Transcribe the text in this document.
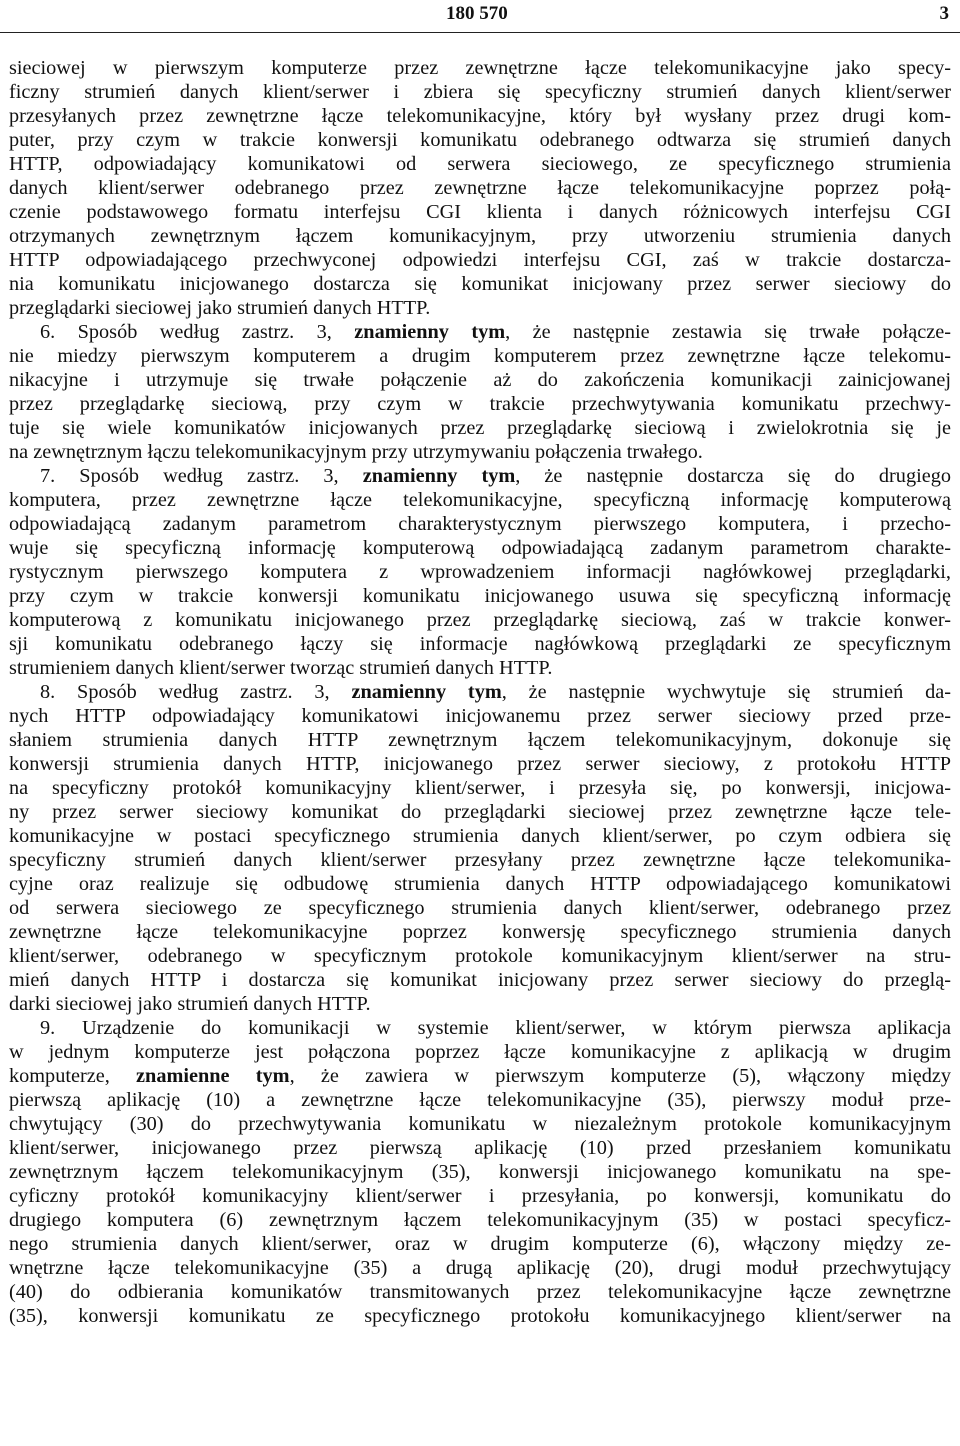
180 570	3
sieciowej w pierwszym komputerze przez zewnętrzne łącze telekomunikacyjne jako specy-
ficzny strumień danych klient/serwer i zbiera się specyficzny strumień danych klient/serwer
przesyłanych przez zewnętrzne łącze telekomunikacyjne, który był wysłany przez drugi kom-
puter, przy czym w trakcie konwersji komunikatu odebranego odtwarza się strumień danych
HTTP, odpowiadający komunikatowi od serwera sieciowego, ze specyficznego strumienia
danych klient/serwer odebranego przez zewnętrzne łącze telekomunikacyjne poprzez połą-
czenie podstawowego formatu interfejsu CGI klienta i danych różnicowych interfejsu CGI
otrzymanych zewnętrznym łączem komunikacyjnym, przy utworzeniu strumienia danych
HTTP odpowiadającego przechwyconej odpowiedzi interfejsu CGI, zaś w trakcie dostarcza-
nia komunikatu inicjowanego dostarcza się komunikat inicjowany przez serwer sieciowy do
przeglądarki sieciowej jako strumień danych HTTP.
6. Sposób według zastrz. 3, znamienny tym, że następnie zestawia się trwałe połącze-
nie miedzy pierwszym komputerem a drugim komputerem przez zewnętrzne łącze telekomu-
nikacyjne i utrzymuje się trwałe połączenie aż do zakończenia komunikacji zainicjowanej
przez przeglądarkę sieciową, przy czym w trakcie przechwytywania komunikatu przechwy-
tuje się wiele komunikatów inicjowanych przez przeglądarkę sieciową i zwielokrotnia się je
na zewnętrznym łączu telekomunikacyjnym przy utrzymywaniu połączenia trwałego.
7. Sposób według zastrz. 3, znamienny tym, że następnie dostarcza się do drugiego
komputera, przez zewnętrzne łącze telekomunikacyjne, specyficzną informację komputerową
odpowiadającą zadanym parametrom charakterystycznym pierwszego komputera, i przecho-
wuje się specyficzną informację komputerową odpowiadającą zadanym parametrom charakte-
rystycznym pierwszego komputera z wprowadzeniem informacji nagłówkowej przeglądarki,
przy czym w trakcie konwersji komunikatu inicjowanego usuwa się specyficzną informację
komputerową z komunikatu inicjowanego przez przeglądarkę sieciową, zaś w trakcie konwer-
sji komunikatu odebranego łączy się informacje nagłówkową przeglądarki ze specyficznym
strumieniem danych klient/serwer tworząc strumień danych HTTP.
8. Sposób według zastrz. 3, znamienny tym, że następnie wychwytuje się strumień da-
nych HTTP odpowiadający komunikatowi inicjowanemu przez serwer sieciowy przed prze-
słaniem strumienia danych HTTP zewnętrznym łączem telekomunikacyjnym, dokonuje się
konwersji strumienia danych HTTP, inicjowanego przez serwer sieciowy, z protokołu HTTP
na specyficzny protokół komunikacyjny klient/serwer, i przesyła się, po konwersji, inicjowa-
ny przez serwer sieciowy komunikat do przeglądarki sieciowej przez zewnętrzne łącze tele-
komunikacyjne w postaci specyficznego strumienia danych klient/serwer, po czym odbiera się
specyficzny strumień danych klient/serwer przesyłany przez zewnętrzne łącze telekomunika-
cyjne oraz realizuje się odbudowę strumienia danych HTTP odpowiadającego komunikatowi
od serwera sieciowego ze specyficznego strumienia danych klient/serwer, odebranego przez
zewnętrzne łącze telekomunikacyjne poprzez konwersję specyficznego strumienia danych
klient/serwer, odebranego w specyficznym protokole komunikacyjnym klient/serwer na stru-
mień danych HTTP i dostarcza się komunikat inicjowany przez serwer sieciowy do przeglą-
darki sieciowej jako strumień danych HTTP.
9. Urządzenie do komunikacji w systemie klient/serwer, w którym pierwsza aplikacja
w jednym komputerze jest połączona poprzez łącze komunikacyjne z aplikacją w drugim
komputerze, znamienne tym, że zawiera w pierwszym komputerze (5), włączony między
pierwszą aplikację (10) a zewnętrzne łącze telekomunikacyjne (35), pierwszy moduł prze-
chwytujący (30) do przechwytywania komunikatu w niezależnym protokole komunikacyjnym
klient/serwer, inicjowanego przez pierwszą aplikację (10) przed przesłaniem komunikatu
zewnętrznym łączem telekomunikacyjnym (35), konwersji inicjowanego komunikatu na spe-
cyficzny protokół komunikacyjny klient/serwer i przesyłania, po konwersji, komunikatu do
drugiego komputera (6) zewnętrznym łączem telekomunikacyjnym (35) w postaci specyficz-
nego strumienia danych klient/serwer, oraz w drugim komputerze (6), włączony między ze-
wnętrzne łącze telekomunikacyjne (35) a drugą aplikację (20), drugi moduł przechwytujący
(40) do odbierania komunikatów transmitowanych przez telekomunikacyjne łącze zewnętrzne
(35), konwersji komunikatu ze specyficznego protokołu komunikacyjnego klient/serwer na
